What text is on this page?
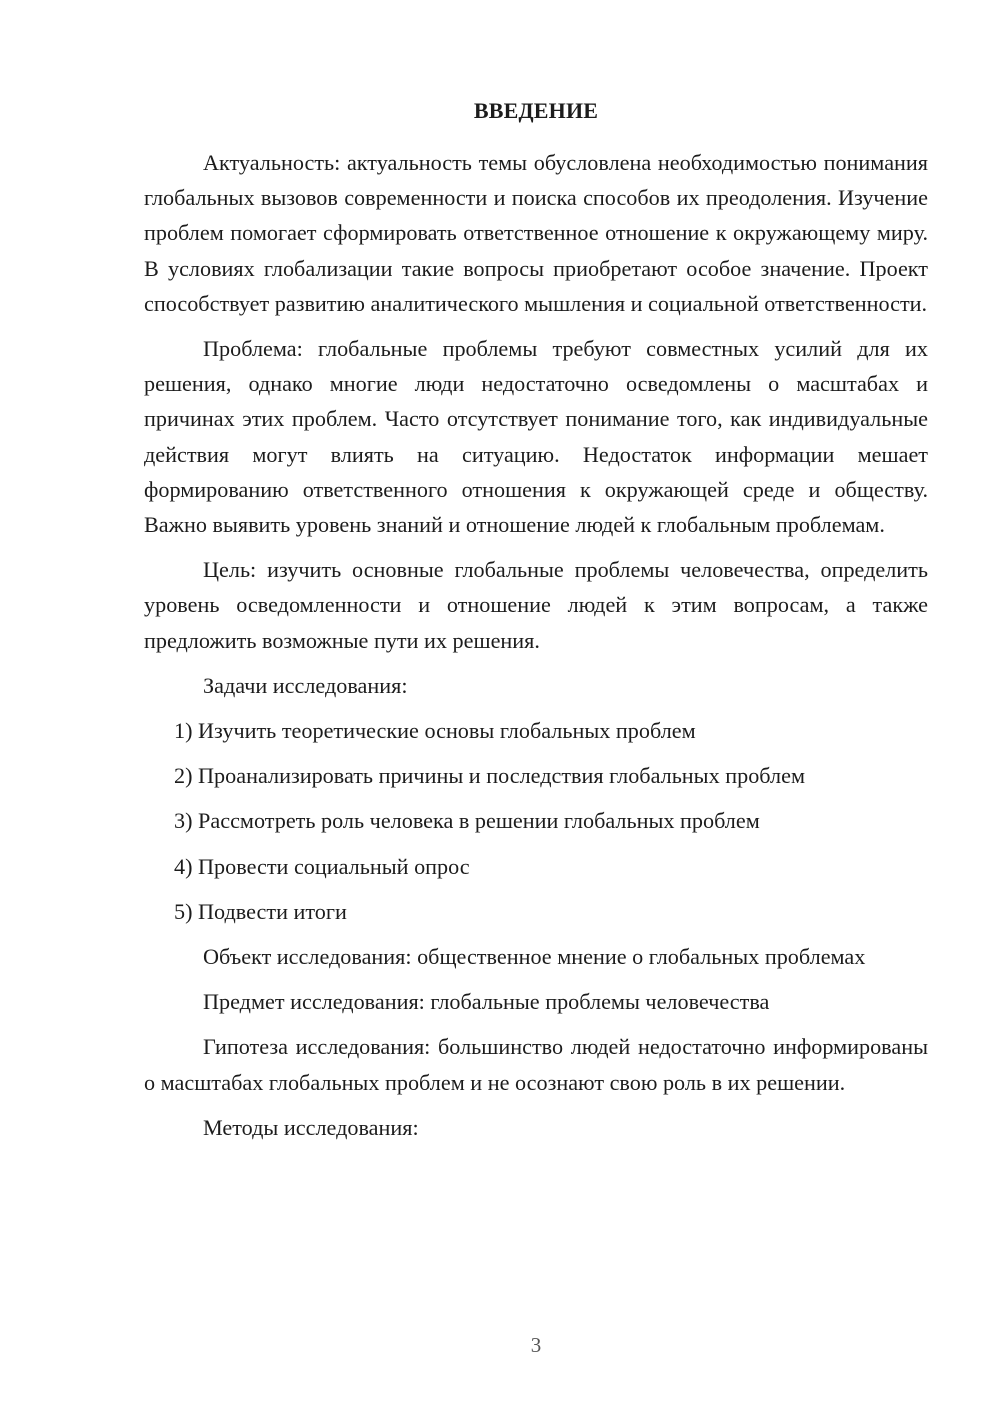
ВВЕДЕНИЕ

Актуальность: актуальность темы обусловлена необходимостью понимания глобальных вызовов современности и поиска способов их преодоления. Изучение проблем помогает сформировать ответственное отношение к окружающему миру. В условиях глобализации такие вопросы приобретают особое значение. Проект способствует развитию аналитического мышления и социальной ответственности.

Проблема: глобальные проблемы требуют совместных усилий для их решения, однако многие люди недостаточно осведомлены о масштабах и причинах этих проблем. Часто отсутствует понимание того, как индивидуальные действия могут влиять на ситуацию. Недостаток информации мешает формированию ответственного отношения к окружающей среде и обществу. Важно выявить уровень знаний и отношение людей к глобальным проблемам.

Цель: изучить основные глобальные проблемы человечества, определить уровень осведомленности и отношение людей к этим вопросам, а также предложить возможные пути их решения.

Задачи исследования:

1) Изучить теоретические основы глобальных проблем

2) Проанализировать причины и последствия глобальных проблем

3) Рассмотреть роль человека в решении глобальных проблем

4) Провести социальный опрос

5) Подвести итоги

Объект исследования: общественное мнение о глобальных проблемах

Предмет исследования: глобальные проблемы человечества

Гипотеза исследования: большинство людей недостаточно информированы о масштабах глобальных проблем и не осознают свою роль в их решении.

Методы исследования:

3
